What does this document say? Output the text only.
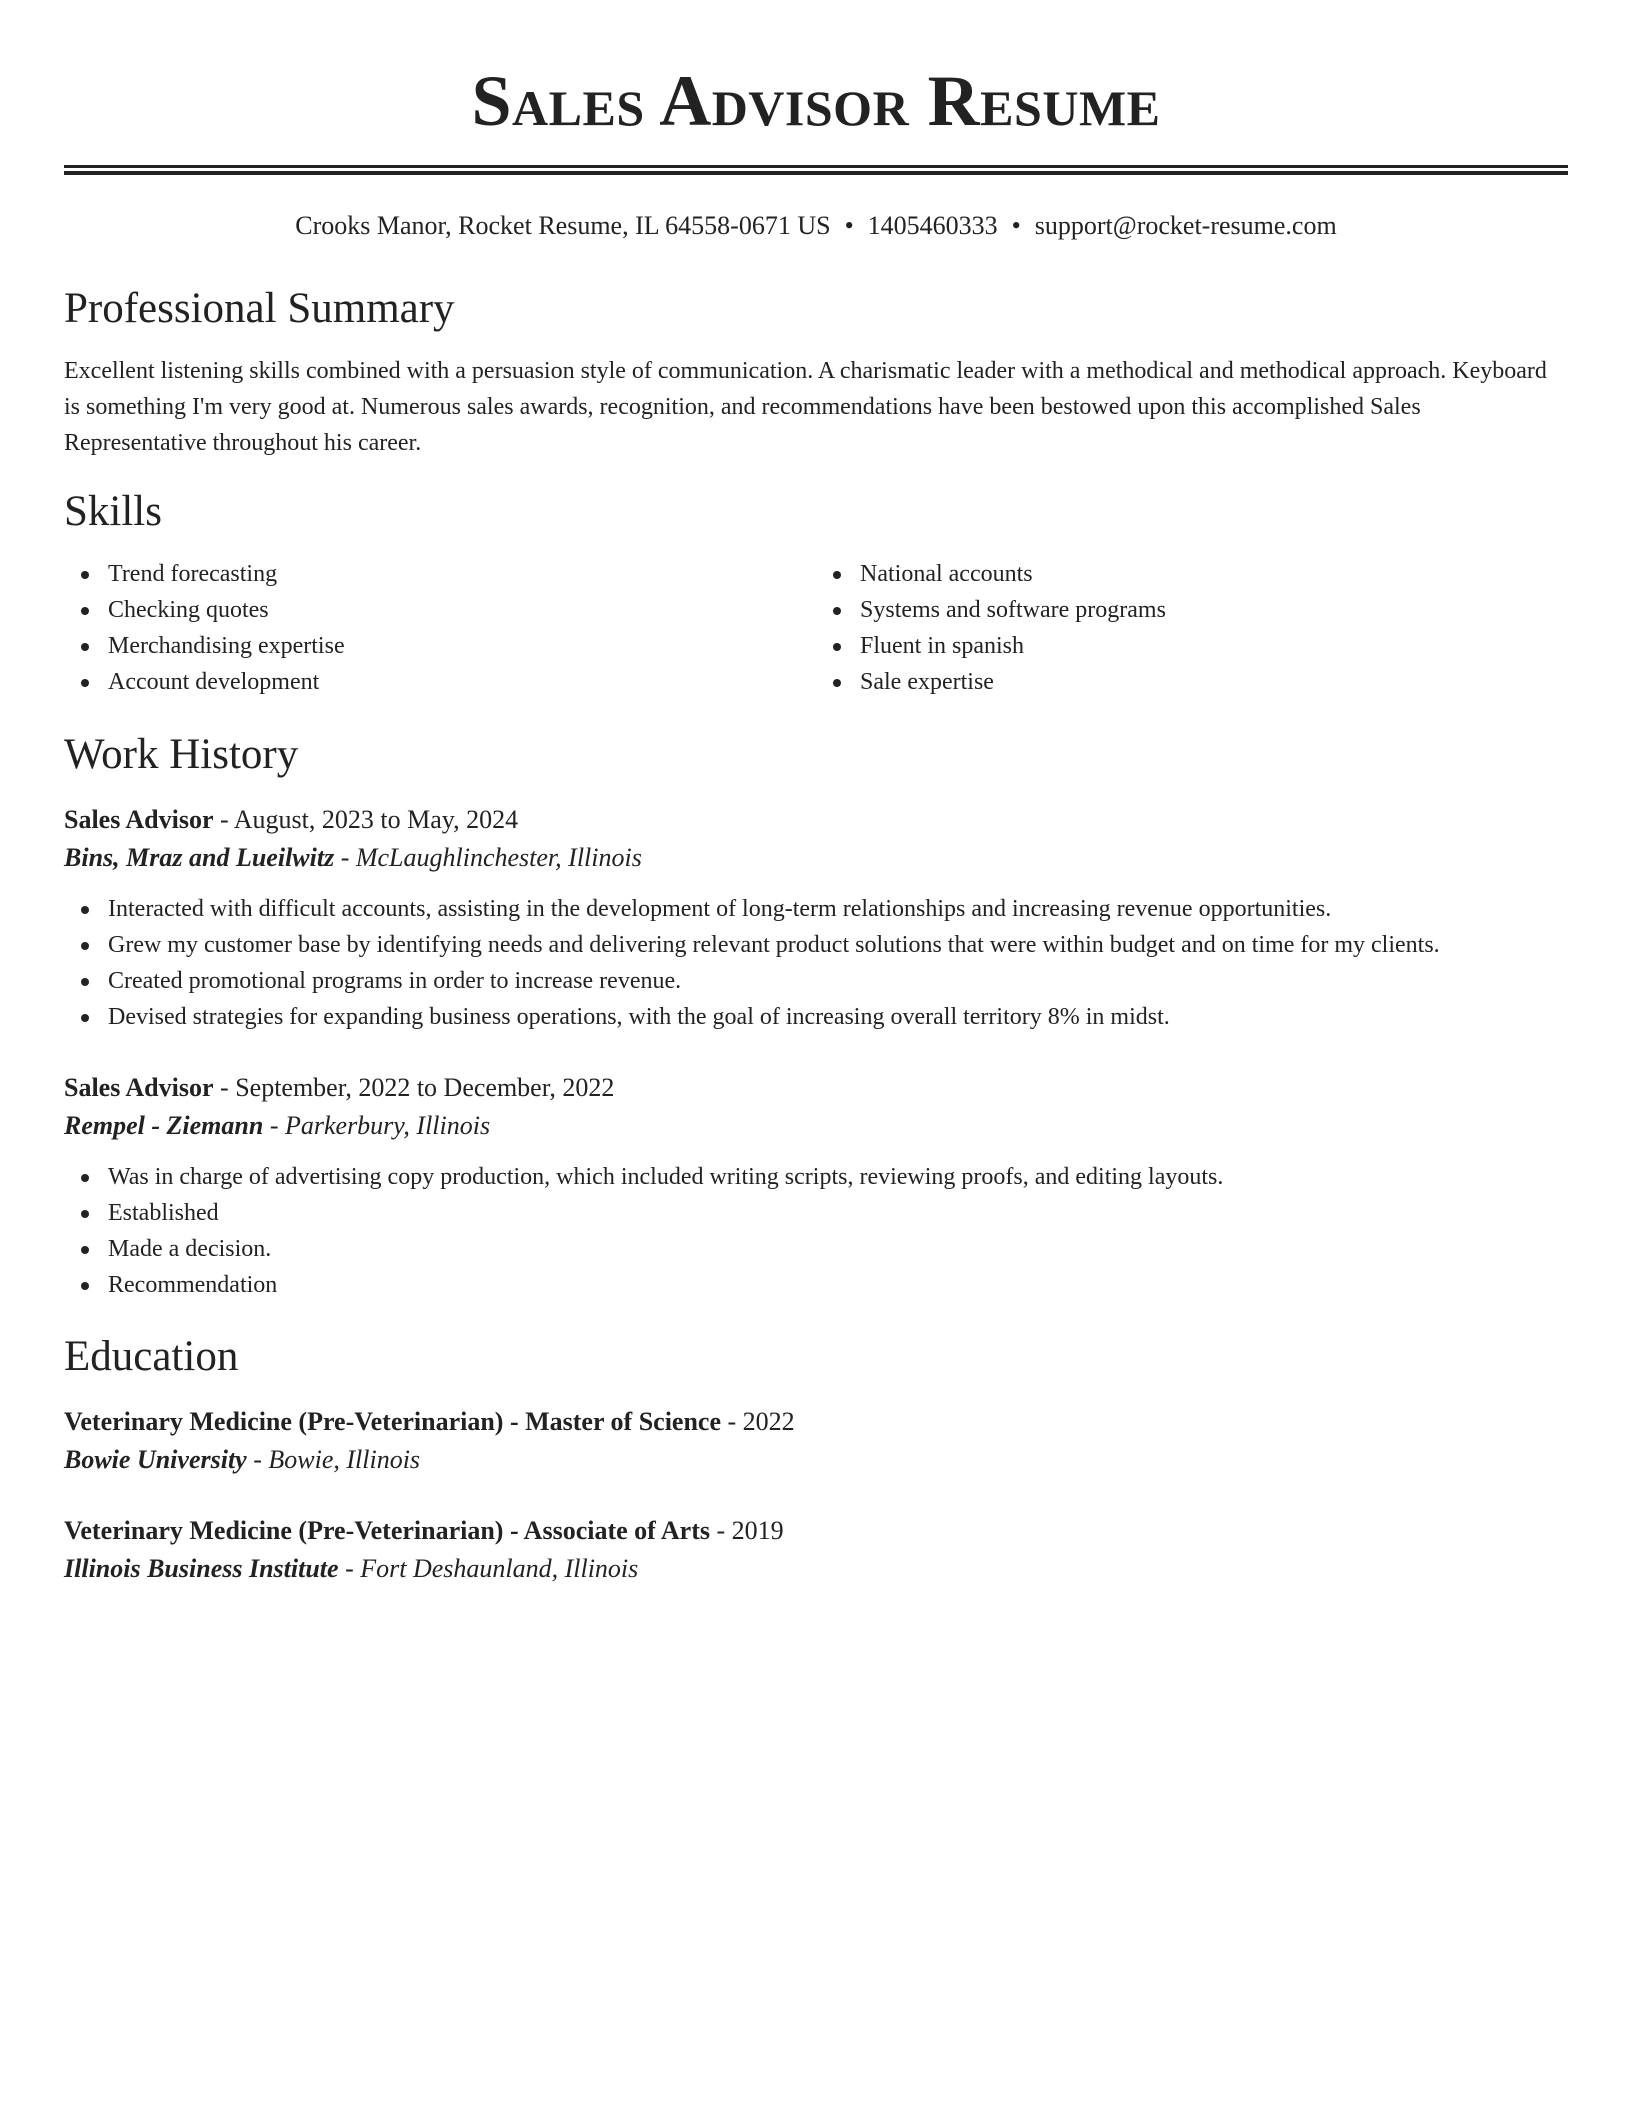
Sales Advisor Resume
Crooks Manor, Rocket Resume, IL 64558-0671 US • 1405460333 • support@rocket-resume.com
Professional Summary

Excellent listening skills combined with a persuasion style of communication. A charismatic leader with a methodical and methodical approach. Keyboard is something I'm very good at. Numerous sales awards, recognition, and recommendations have been bestowed upon this accomplished Sales Representative throughout his career.

Skills
Trend forecasting
Checking quotes
Merchandising expertise
Account development
National accounts
Systems and software programs
Fluent in spanish
Sale expertise
Work History
Sales Advisor - August, 2023 to May, 2024
Bins, Mraz and Lueilwitz - McLaughlinchester, Illinois
Interacted with difficult accounts, assisting in the development of long-term relationships and increasing revenue opportunities.
Grew my customer base by identifying needs and delivering relevant product solutions that were within budget and on time for my clients.
Created promotional programs in order to increase revenue.
Devised strategies for expanding business operations, with the goal of increasing overall territory 8% in midst.
Sales Advisor - September, 2022 to December, 2022
Rempel - Ziemann - Parkerbury, Illinois
Was in charge of advertising copy production, which included writing scripts, reviewing proofs, and editing layouts.
Established
Made a decision.
Recommendation
Education
Veterinary Medicine (Pre-Veterinarian) - Master of Science - 2022
Bowie University - Bowie, Illinois
Veterinary Medicine (Pre-Veterinarian) - Associate of Arts - 2019
Illinois Business Institute - Fort Deshaunland, Illinois
